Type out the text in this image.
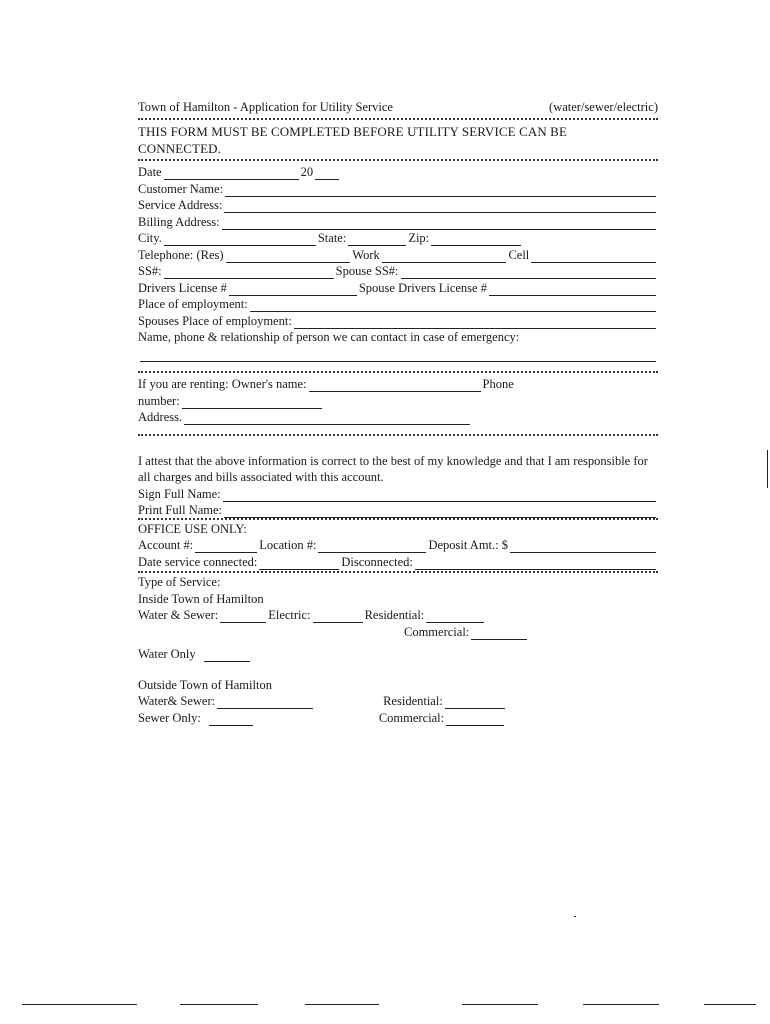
Town of Hamilton - Application for Utility Service	(water/sewer/electric)
THIS FORM MUST BE COMPLETED BEFORE UTILITY SERVICE CAN BE
CONNECTED.
Date	20
Customer Name:
Service Address:
Billing Address:
City.	State:	Zip:
Telephone: (Res)	Work	Cell
SS#:	Spouse SS#:
Drivers License #	Spouse Drivers License #
Place of employment:
Spouses Place of employment:
Name, phone & relationship of person we can contact in case of emergency:
If you are renting: Owner's name:	Phone
number:
Address.
I attest that the above information is correct to the best of my knowledge and that I am responsible for all charges and bills associated with this account.
Sign Full Name:
Print Full Name:
OFFICE USE ONLY:
Account #:	Location #:	Deposit Amt.: $
Date service connected:	Disconnected:
Type of Service:
Inside Town of Hamilton
Water & Sewer:	Electric:	Residential:
Commercial:
Water Only
Outside Town of Hamilton
Water& Sewer:	Residential:
Sewer Only:	Commercial:
